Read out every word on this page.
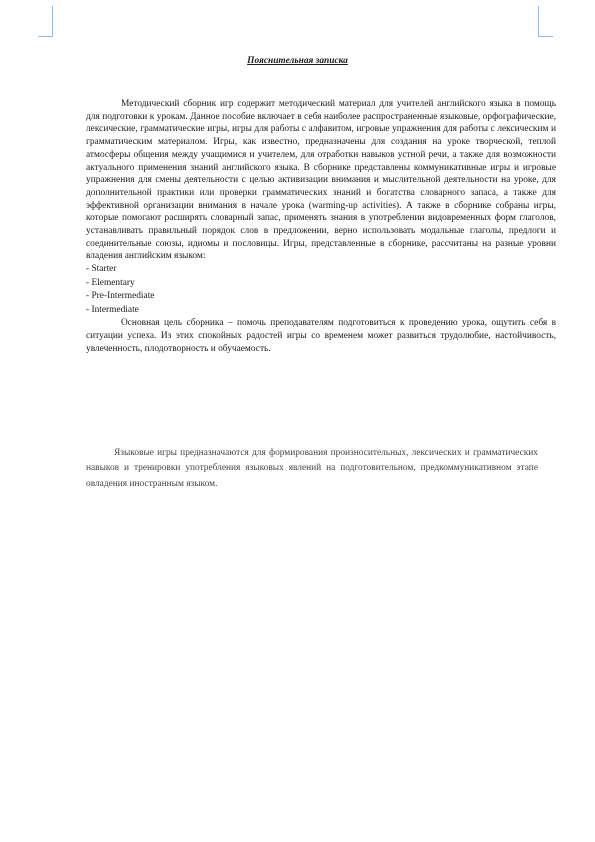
Пояснительная записка

Методический сборник игр содержит методический материал для учителей английского языка в помощь для подготовки к урокам. Данное пособие включает в себя наиболее распространенные языковые, орфографические, лексические, грамматические игры, игры для работы с алфавитом, игровые упражнения для работы с лексическим и грамматическим материалом. Игры, как известно, предназначены для создания на уроке творческой, теплой атмосферы общения между учащимися и учителем, для отработки навыков устной речи, а также для возможности актуального применения знаний английского языка. В сборнике представлены коммуникативные игры и игровые упражнения для смены деятельности с целью активизации внимания и мыслительной деятельности на уроке, для дополнительной практики или проверки грамматических знаний и богатства словарного запаса, а также для эффективной организации внимания в начале урока (warming-up activities). А также в сборнике собраны игры, которые помогают расширять словарный запас, применять знания в употреблении видовременных форм глаголов, устанавливать правильный порядок слов в предложении, верно использовать модальные глаголы, предлоги и соединительные союзы, идиомы и пословицы. Игры, представленные в сборнике, рассчитаны на разные уровни владения английским языком:

- Starter
- Elementary
- Pre-Intermediate
- Intermediate

Основная цель сборника – помочь преподавателям подготовиться к проведению урока, ощутить себя в ситуации успеха. Из этих спокойных радостей игры со временем может развиться трудолюбие, настойчивость, увлеченность, плодотворность и обучаемость.

Языковые игры предназначаются для формирования произносительных, лексических и грамматических навыков и тренировки употребления языковых явлений на подготовительном, предкоммуникативном этапе овладения иностранным языком.
